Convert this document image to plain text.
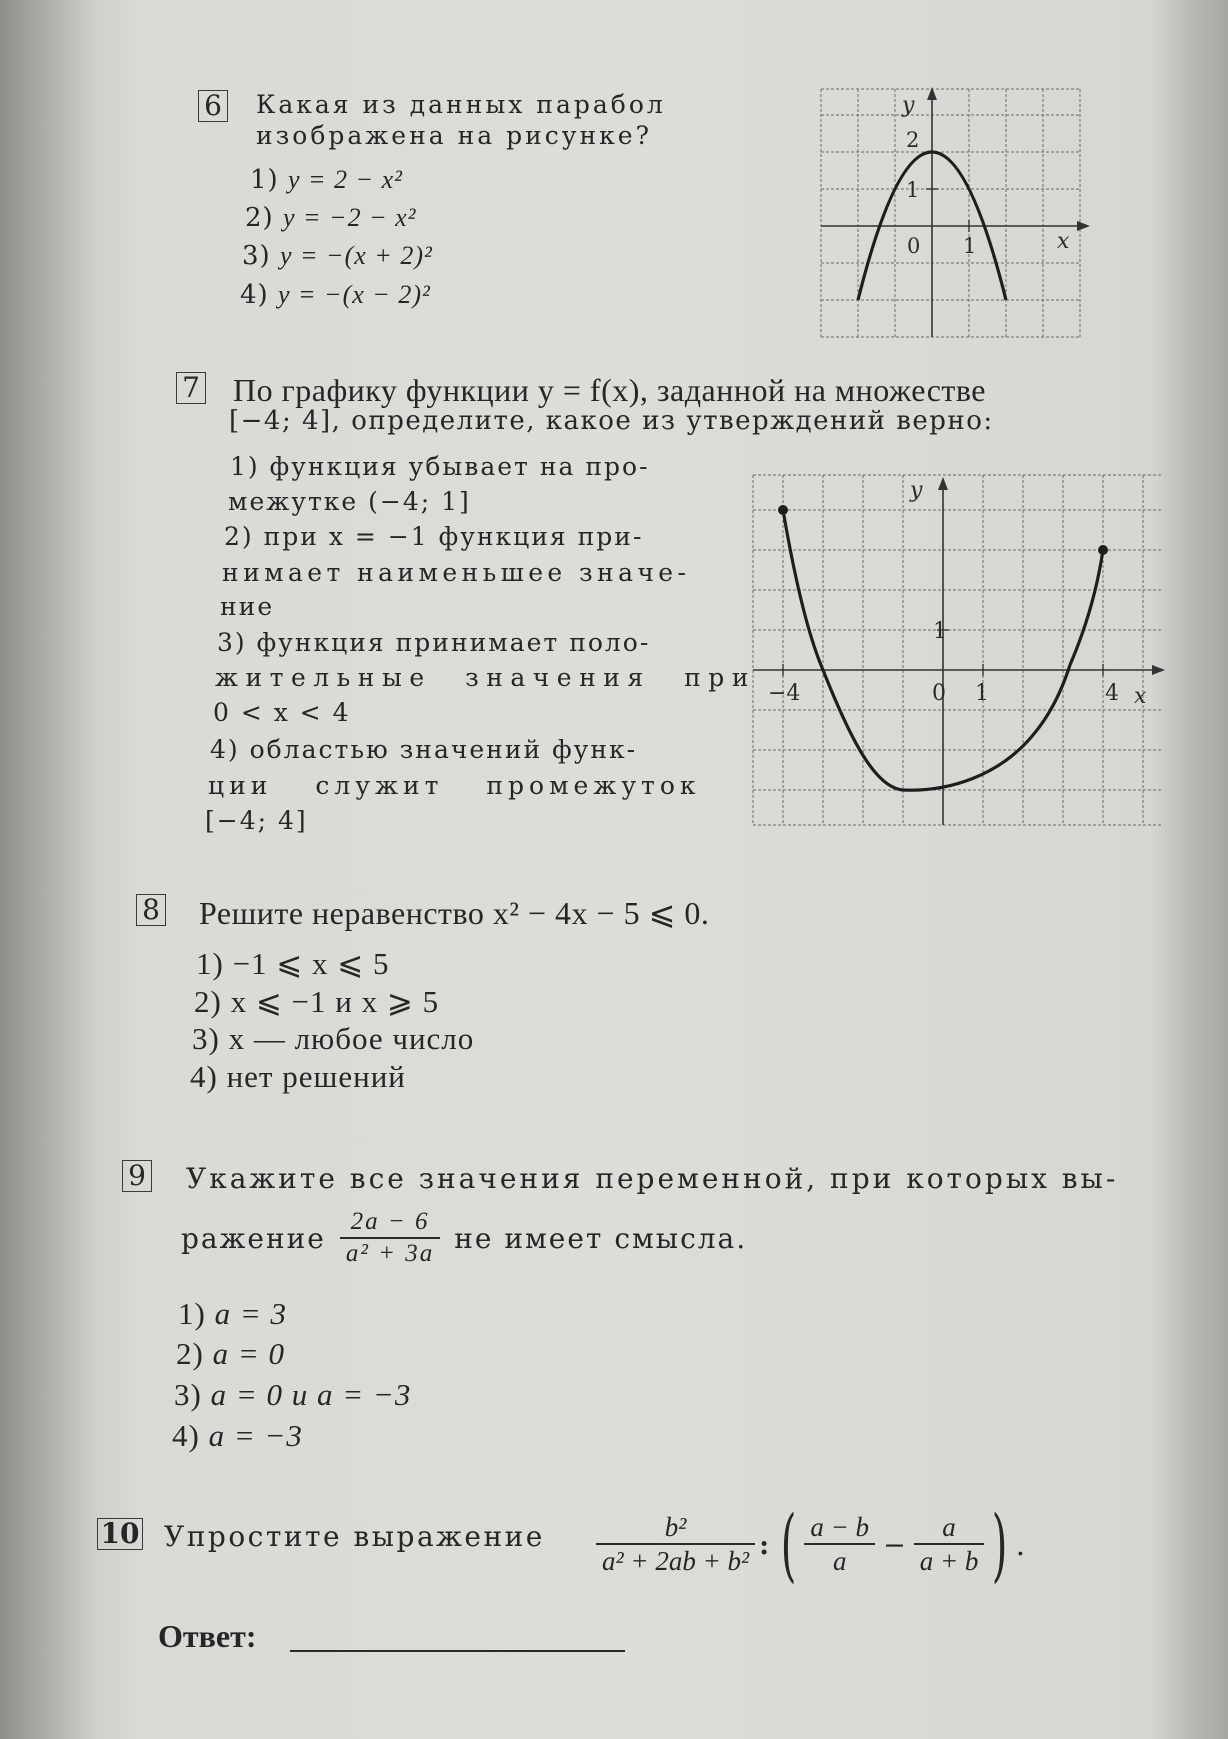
6 Какая из данных парабол
изображена на рисунке?
1) y = 2 − x²
2) y = −2 − x²
3) y = −(x + 2)²
4) y = −(x − 2)²
y
x
2
1
0 1
7 По графику функции y = f(x), заданной на множестве
[−4; 4], определите, какое из утверждений верно:
1) функция убывает на про-
межутке (−4; 1]
2) при x = −1 функция при-
нимает наименьшее значе-
ние
3) функция принимает поло-
жительные значения при
0 < x < 4
4) областью значений функ-
ции служит промежуток
[−4; 4]
y
x
−4	0 1	4
1
8 Решите неравенство x² − 4x − 5 ⩽ 0.
1) −1 ⩽ x ⩽ 5
2) x ⩽ −1 и x ⩾ 5
3) x — любое число
4) нет решений
9 Укажите все значения переменной, при которых вы-
ражение $\frac{2a - 6}{\text{a² + 3a}}$ не имеет смысла.
1) a = 3
2) a = 0
3) a = 0 и a = −3
4) a = −3
10 Упростите выражение $\frac{\text{b²}}{\text{a² + 2ab + b²}}$ : ( $\frac{a - b}{a} - \frac{a}{a + b}$ ) .
Ответ:
